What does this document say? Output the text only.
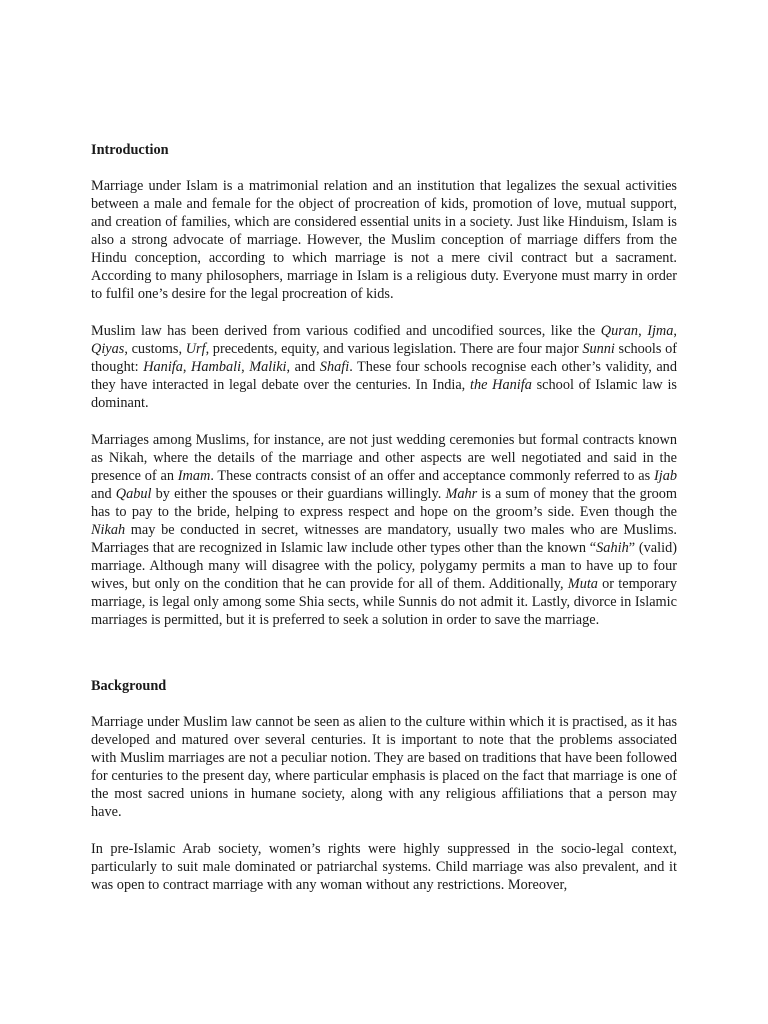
Introduction

Marriage under Islam is a matrimonial relation and an institution that legalizes the sexual activities between a male and female for the object of procreation of kids, promotion of love, mutual support, and creation of families, which are considered essential units in a society. Just like Hinduism, Islam is also a strong advocate of marriage. However, the Muslim conception of marriage differs from the Hindu conception, according to which marriage is not a mere civil contract but a sacrament. According to many philosophers, marriage in Islam is a religious duty. Everyone must marry in order to fulfil one’s desire for the legal procreation of kids.

Muslim law has been derived from various codified and uncodified sources, like the Quran, Ijma, Qiyas, customs, Urf, precedents, equity, and various legislation. There are four major Sunni schools of thought: Hanifa, Hambali, Maliki, and Shafi. These four schools recognise each other’s validity, and they have interacted in legal debate over the centuries. In India, the Hanifa school of Islamic law is dominant.

Marriages among Muslims, for instance, are not just wedding ceremonies but formal contracts known as Nikah, where the details of the marriage and other aspects are well negotiated and said in the presence of an Imam. These contracts consist of an offer and acceptance commonly referred to as Ijab and Qabul by either the spouses or their guardians willingly. Mahr is a sum of money that the groom has to pay to the bride, helping to express respect and hope on the groom’s side. Even though the Nikah may be conducted in secret, witnesses are mandatory, usually two males who are Muslims. Marriages that are recognized in Islamic law include other types other than the known “Sahih” (valid) marriage. Although many will disagree with the policy, polygamy permits a man to have up to four wives, but only on the condition that he can provide for all of them. Additionally, Muta or temporary marriage, is legal only among some Shia sects, while Sunnis do not admit it. Lastly, divorce in Islamic marriages is permitted, but it is preferred to seek a solution in order to save the marriage.

Background

Marriage under Muslim law cannot be seen as alien to the culture within which it is practised, as it has developed and matured over several centuries. It is important to note that the problems associated with Muslim marriages are not a peculiar notion. They are based on traditions that have been followed for centuries to the present day, where particular emphasis is placed on the fact that marriage is one of the most sacred unions in humane society, along with any religious affiliations that a person may have.

In pre-Islamic Arab society, women’s rights were highly suppressed in the socio-legal context, particularly to suit male dominated or patriarchal systems. Child marriage was also prevalent, and it was open to contract marriage with any woman without any restrictions. Moreover,
